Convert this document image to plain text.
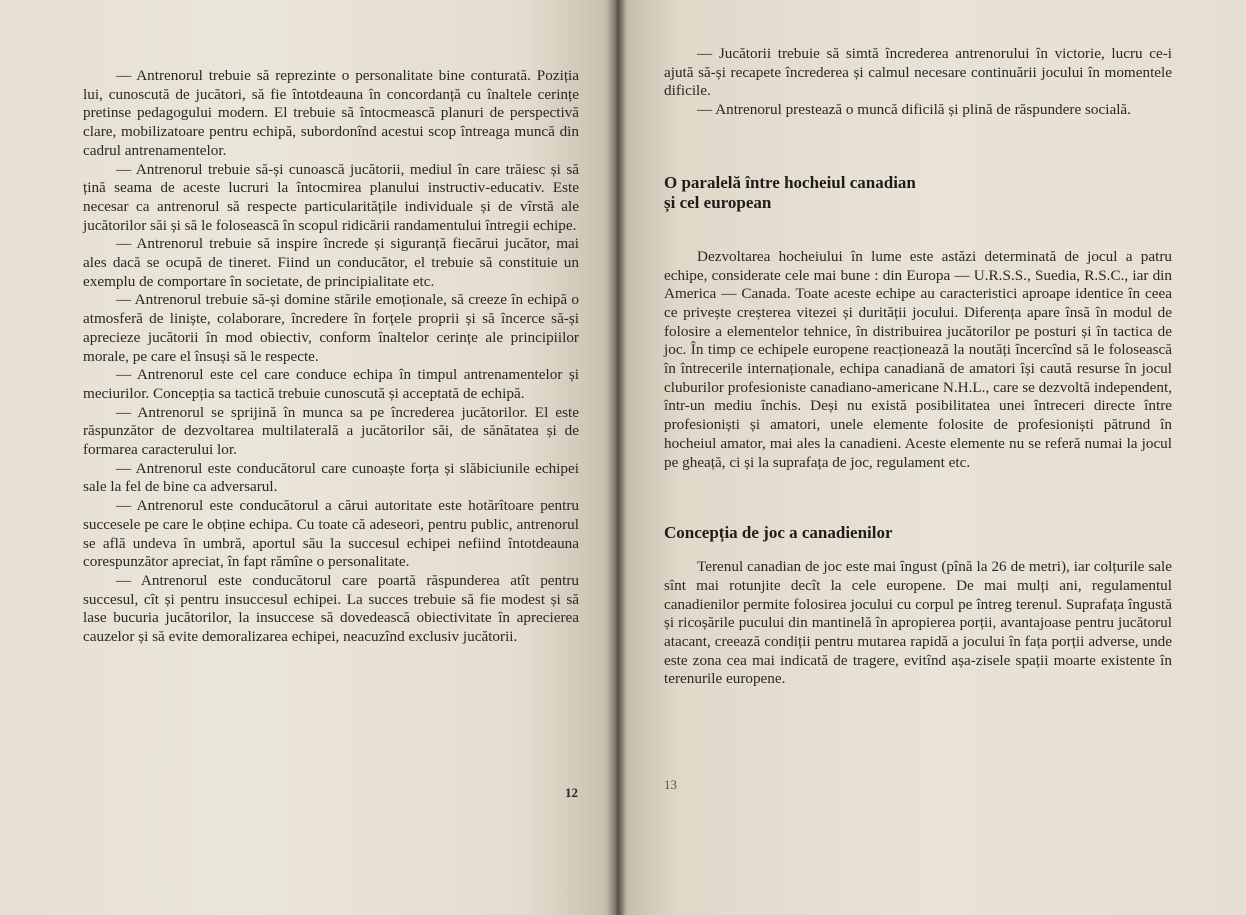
— Antrenorul trebuie să reprezinte o personalitate bine conturată. Poziția lui, cunoscută de jucători, să fie întotdeauna în concordanță cu înaltele cerințe pretinse pedagogului modern. El trebuie să întocmească planuri de perspectivă clare, mobilizatoare pentru echipă, subordonînd acestui scop întreaga muncă din cadrul antrenamentelor.

— Antrenorul trebuie să-și cunoască jucătorii, mediul în care trăiesc și să țină seama de aceste lucruri la întocmirea planului instructiv-educativ. Este necesar ca antrenorul să respecte particularitățile individuale și de vîrstă ale jucătorilor săi și să le folosească în scopul ridicării randamentului întregii echipe.

— Antrenorul trebuie să inspire încrede și siguranță fiecărui jucător, mai ales dacă se ocupă de tineret. Fiind un conducător, el trebuie să constituie un exemplu de comportare în societate, de principialitate etc.

— Antrenorul trebuie să-și domine stările emoționale, să creeze în echipă o atmosferă de liniște, colaborare, încredere în forțele proprii și să încerce să-și aprecieze jucătorii în mod obiectiv, conform înaltelor cerințe ale principiilor morale, pe care el însuși să le respecte.

— Antrenorul este cel care conduce echipa în timpul antrenamentelor și meciurilor. Concepția sa tactică trebuie cunoscută și acceptată de echipă.

— Antrenorul se sprijină în munca sa pe încrederea jucătorilor. El este răspunzător de dezvoltarea multilaterală a jucătorilor săi, de sănătatea și de formarea caracterului lor.

— Antrenorul este conducătorul care cunoaște forța și slăbiciunile echipei sale la fel de bine ca adversarul.

— Antrenorul este conducătorul a cărui autoritate este hotărîtoare pentru succesele pe care le obține echipa. Cu toate că adeseori, pentru public, antrenorul se află undeva în umbră, aportul său la succesul echipei nefiind întotdeauna corespunzător apreciat, în fapt rămîne o personalitate.

— Antrenorul este conducătorul care poartă răspunderea atît pentru succesul, cît și pentru insuccesul echipei. La succes trebuie să fie modest și să lase bucuria jucătorilor, la insuccese să dovedească obiectivitate în aprecierea cauzelor și să evite demoralizarea echipei, neacuzînd exclusiv jucătorii.

12

— Jucătorii trebuie să simtă încrederea antrenorului în victorie, lucru ce-i ajută să-și recapete încrederea și calmul necesare continuării jocului în momentele dificile.

— Antrenorul prestează o muncă dificilă și plină de răspundere socială.

O paralelă între hocheiul canadian
și cel european

Dezvoltarea hocheiului în lume este astăzi determinată de jocul a patru echipe, considerate cele mai bune : din Europa — U.R.S.S., Suedia, R.S.C., iar din America — Canada. Toate aceste echipe au caracteristici aproape identice în ceea ce privește creșterea vitezei și durității jocului. Diferența apare însă în modul de folosire a elementelor tehnice, în distribuirea jucătorilor pe posturi și în tactica de joc. În timp ce echipele europene reacționează la noutăți încercînd să le folosească în întrecerile internaționale, echipa canadiană de amatori își caută resurse în jocul cluburilor profesioniste canadiano-americane N.H.L., care se dezvoltă independent, într-un mediu închis. Deși nu există posibilitatea unei întreceri directe între profesioniști și amatori, unele elemente folosite de profesioniști pătrund în hocheiul amator, mai ales la canadieni. Aceste elemente nu se referă numai la jocul pe gheață, ci și la suprafața de joc, regulament etc.

Concepția de joc a canadienilor

Terenul canadian de joc este mai îngust (pînă la 26 de metri), iar colțurile sale sînt mai rotunjite decît la cele europene. De mai mulți ani, regulamentul canadienilor permite folosirea jocului cu corpul pe întreg terenul. Suprafața îngustă și ricoșările pucului din mantinelă în apropierea porții, avantajoase pentru jucătorul atacant, creează condiții pentru mutarea rapidă a jocului în fața porții adverse, unde este zona cea mai indicată de tragere, evitînd așa-zisele spații moarte existente în terenurile europene.

13
